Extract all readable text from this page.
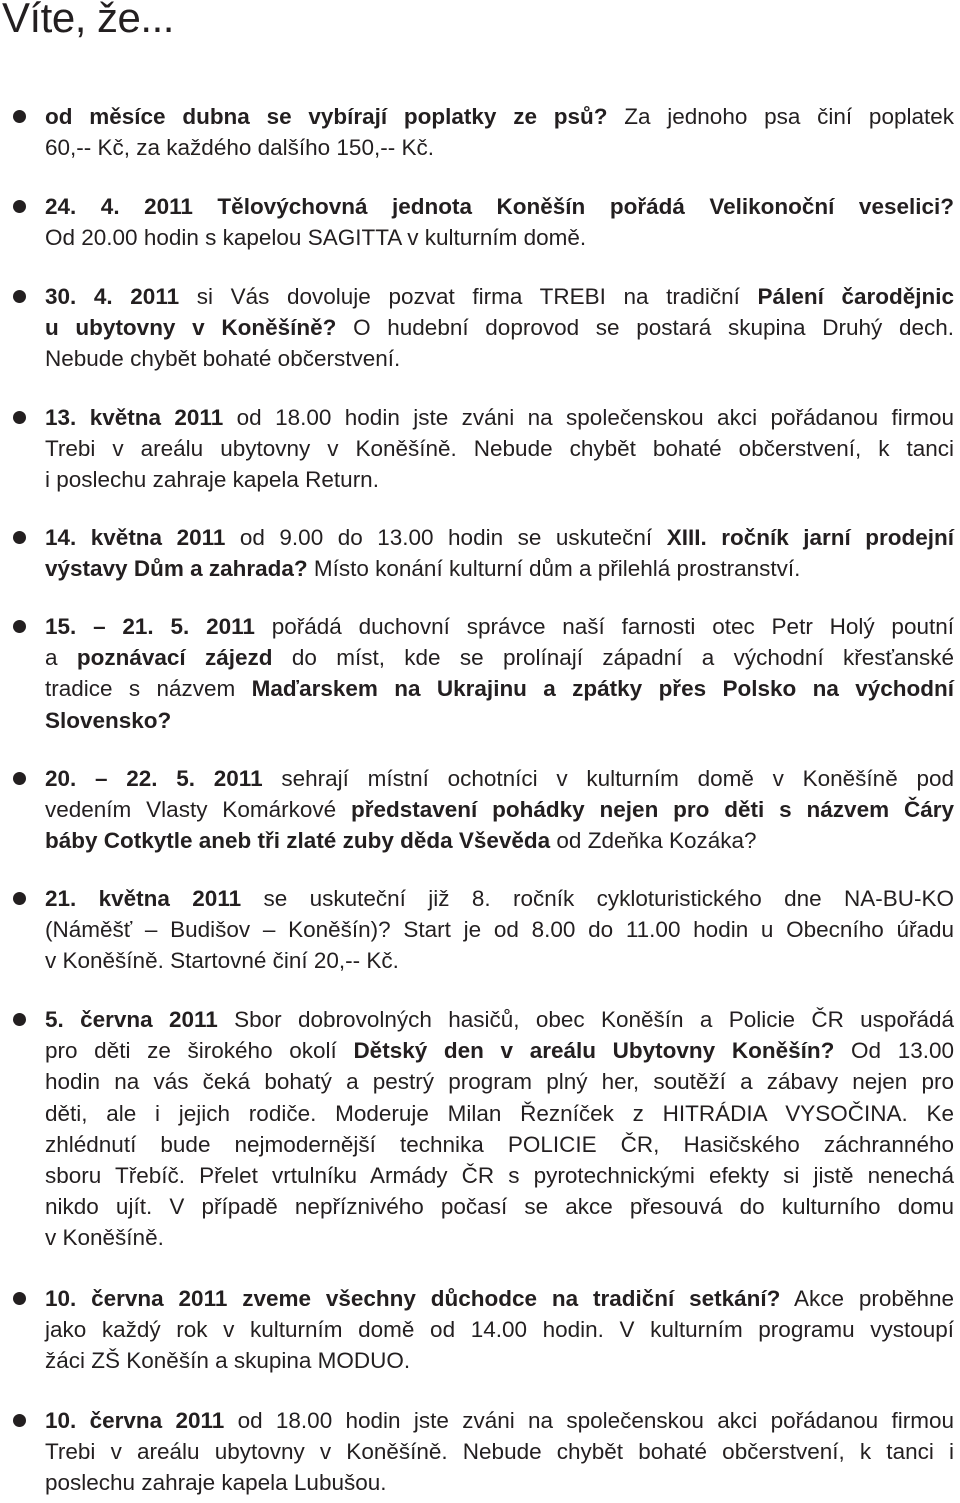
Víte, že...
od měsíce dubna se vybírají poplatky ze psů? Za jednoho psa činí poplatek
60,-- Kč, za každého dalšího 150,-- Kč.
24. 4. 2011 Tělovýchovná jednota Koněšín pořádá Velikonoční veselici?
Od 20.00 hodin s kapelou SAGITTA v kulturním domě.
30. 4. 2011 si Vás dovoluje pozvat firma TREBI na tradiční Pálení čarodějnic
u ubytovny v Koněšíně? O hudební doprovod se postará skupina Druhý dech.
Nebude chybět bohaté občerstvení.
13. května 2011 od 18.00 hodin jste zváni na společenskou akci pořádanou firmou
Trebi v areálu ubytovny v Koněšíně. Nebude chybět bohaté občerstvení, k tanci
i poslechu zahraje kapela Return.
14. května 2011 od 9.00 do 13.00 hodin se uskuteční XIII. ročník jarní prodejní
výstavy Dům a zahrada? Místo konání kulturní dům a přilehlá prostranství.
15. – 21. 5. 2011 pořádá duchovní správce naší farnosti otec Petr Holý poutní
a poznávací zájezd do míst, kde se prolínají západní a východní křesťanské
tradice s názvem Maďarskem na Ukrajinu a zpátky přes Polsko na východní
Slovensko?
20. – 22. 5. 2011 sehrají místní ochotníci v kulturním domě v Koněšíně pod
vedením Vlasty Komárkové představení pohádky nejen pro děti s názvem Čáry
báby Cotkytle aneb tři zlaté zuby děda Vševěda od Zdeňka Kozáka?
21. května 2011 se uskuteční již 8. ročník cykloturistického dne NA-BU-KO
(Náměšť – Budišov – Koněšín)? Start je od 8.00 do 11.00 hodin u Obecního úřadu
v Koněšíně. Startovné činí 20,-- Kč.
5. června 2011 Sbor dobrovolných hasičů, obec Koněšín a Policie ČR uspořádá
pro děti ze širokého okolí Dětský den v areálu Ubytovny Koněšín? Od 13.00
hodin na vás čeká bohatý a pestrý program plný her, soutěží a zábavy nejen pro
děti, ale i jejich rodiče. Moderuje Milan Řezníček z HITRÁDIA VYSOČINA. Ke
zhlédnutí bude nejmodernější technika POLICIE ČR, Hasičského záchranného
sboru Třebíč. Přelet vrtulníku Armády ČR s pyrotechnickými efekty si jistě nenechá
nikdo ujít. V případě nepříznivého počasí se akce přesouvá do kulturního domu
v Koněšíně.
10. června 2011 zveme všechny důchodce na tradiční setkání? Akce proběhne
jako každý rok v kulturním domě od 14.00 hodin. V kulturním programu vystoupí
žáci ZŠ Koněšín a skupina MODUO.
10. června 2011 od 18.00 hodin jste zváni na společenskou akci pořádanou firmou
Trebi v areálu ubytovny v Koněšíně. Nebude chybět bohaté občerstvení, k tanci i
poslechu zahraje kapela Lubušou.
